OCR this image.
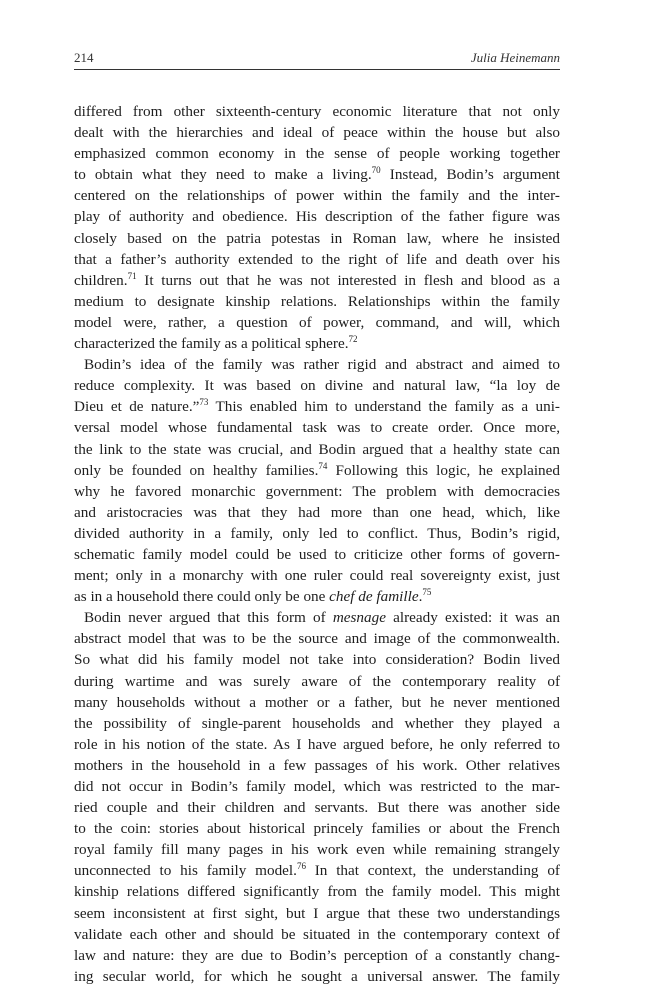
214	Julia Heinemann
differed from other sixteenth-century economic literature that not only
dealt with the hierarchies and ideal of peace within the house but also
emphasized common economy in the sense of people working together
to obtain what they need to make a living.$^{70}$ Instead, Bodin’s argument
centered on the relationships of power within the family and the inter-
play of authority and obedience. His description of the father figure was
closely based on the patria potestas in Roman law, where he insisted
that a father’s authority extended to the right of life and death over his
children.$^{71}$ It turns out that he was not interested in flesh and blood as a
medium to designate kinship relations. Relationships within the family
model were, rather, a question of power, command, and will, which
characterized the family as a political sphere.$^{72}$
Bodin’s idea of the family was rather rigid and abstract and aimed to
reduce complexity. It was based on divine and natural law, “la loy de
Dieu et de nature.”$^{73}$ This enabled him to understand the family as a uni-
versal model whose fundamental task was to create order. Once more,
the link to the state was crucial, and Bodin argued that a healthy state can
only be founded on healthy families.$^{74}$ Following this logic, he explained
why he favored monarchic government: The problem with democracies
and aristocracies was that they had more than one head, which, like
divided authority in a family, only led to conflict. Thus, Bodin’s rigid,
schematic family model could be used to criticize other forms of govern-
ment; only in a monarchy with one ruler could real sovereignty exist, just
as in a household there could only be one chef de famille.$^{75}$
Bodin never argued that this form of mesnage already existed: it was an
abstract model that was to be the source and image of the commonwealth.
So what did his family model not take into consideration? Bodin lived
during wartime and was surely aware of the contemporary reality of
many households without a mother or a father, but he never mentioned
the possibility of single-parent households and whether they played a
role in his notion of the state. As I have argued before, he only referred to
mothers in the household in a few passages of his work. Other relatives
did not occur in Bodin’s family model, which was restricted to the mar-
ried couple and their children and servants. But there was another side
to the coin: stories about historical princely families or about the French
royal family fill many pages in his work even while remaining strangely
unconnected to his family model.$^{76}$ In that context, the understanding of
kinship relations differed significantly from the family model. This might
seem inconsistent at first sight, but I argue that these two understandings
validate each other and should be situated in the contemporary context of
law and nature: they are due to Bodin’s perception of a constantly chang-
ing secular world, for which he sought a universal answer. The family
